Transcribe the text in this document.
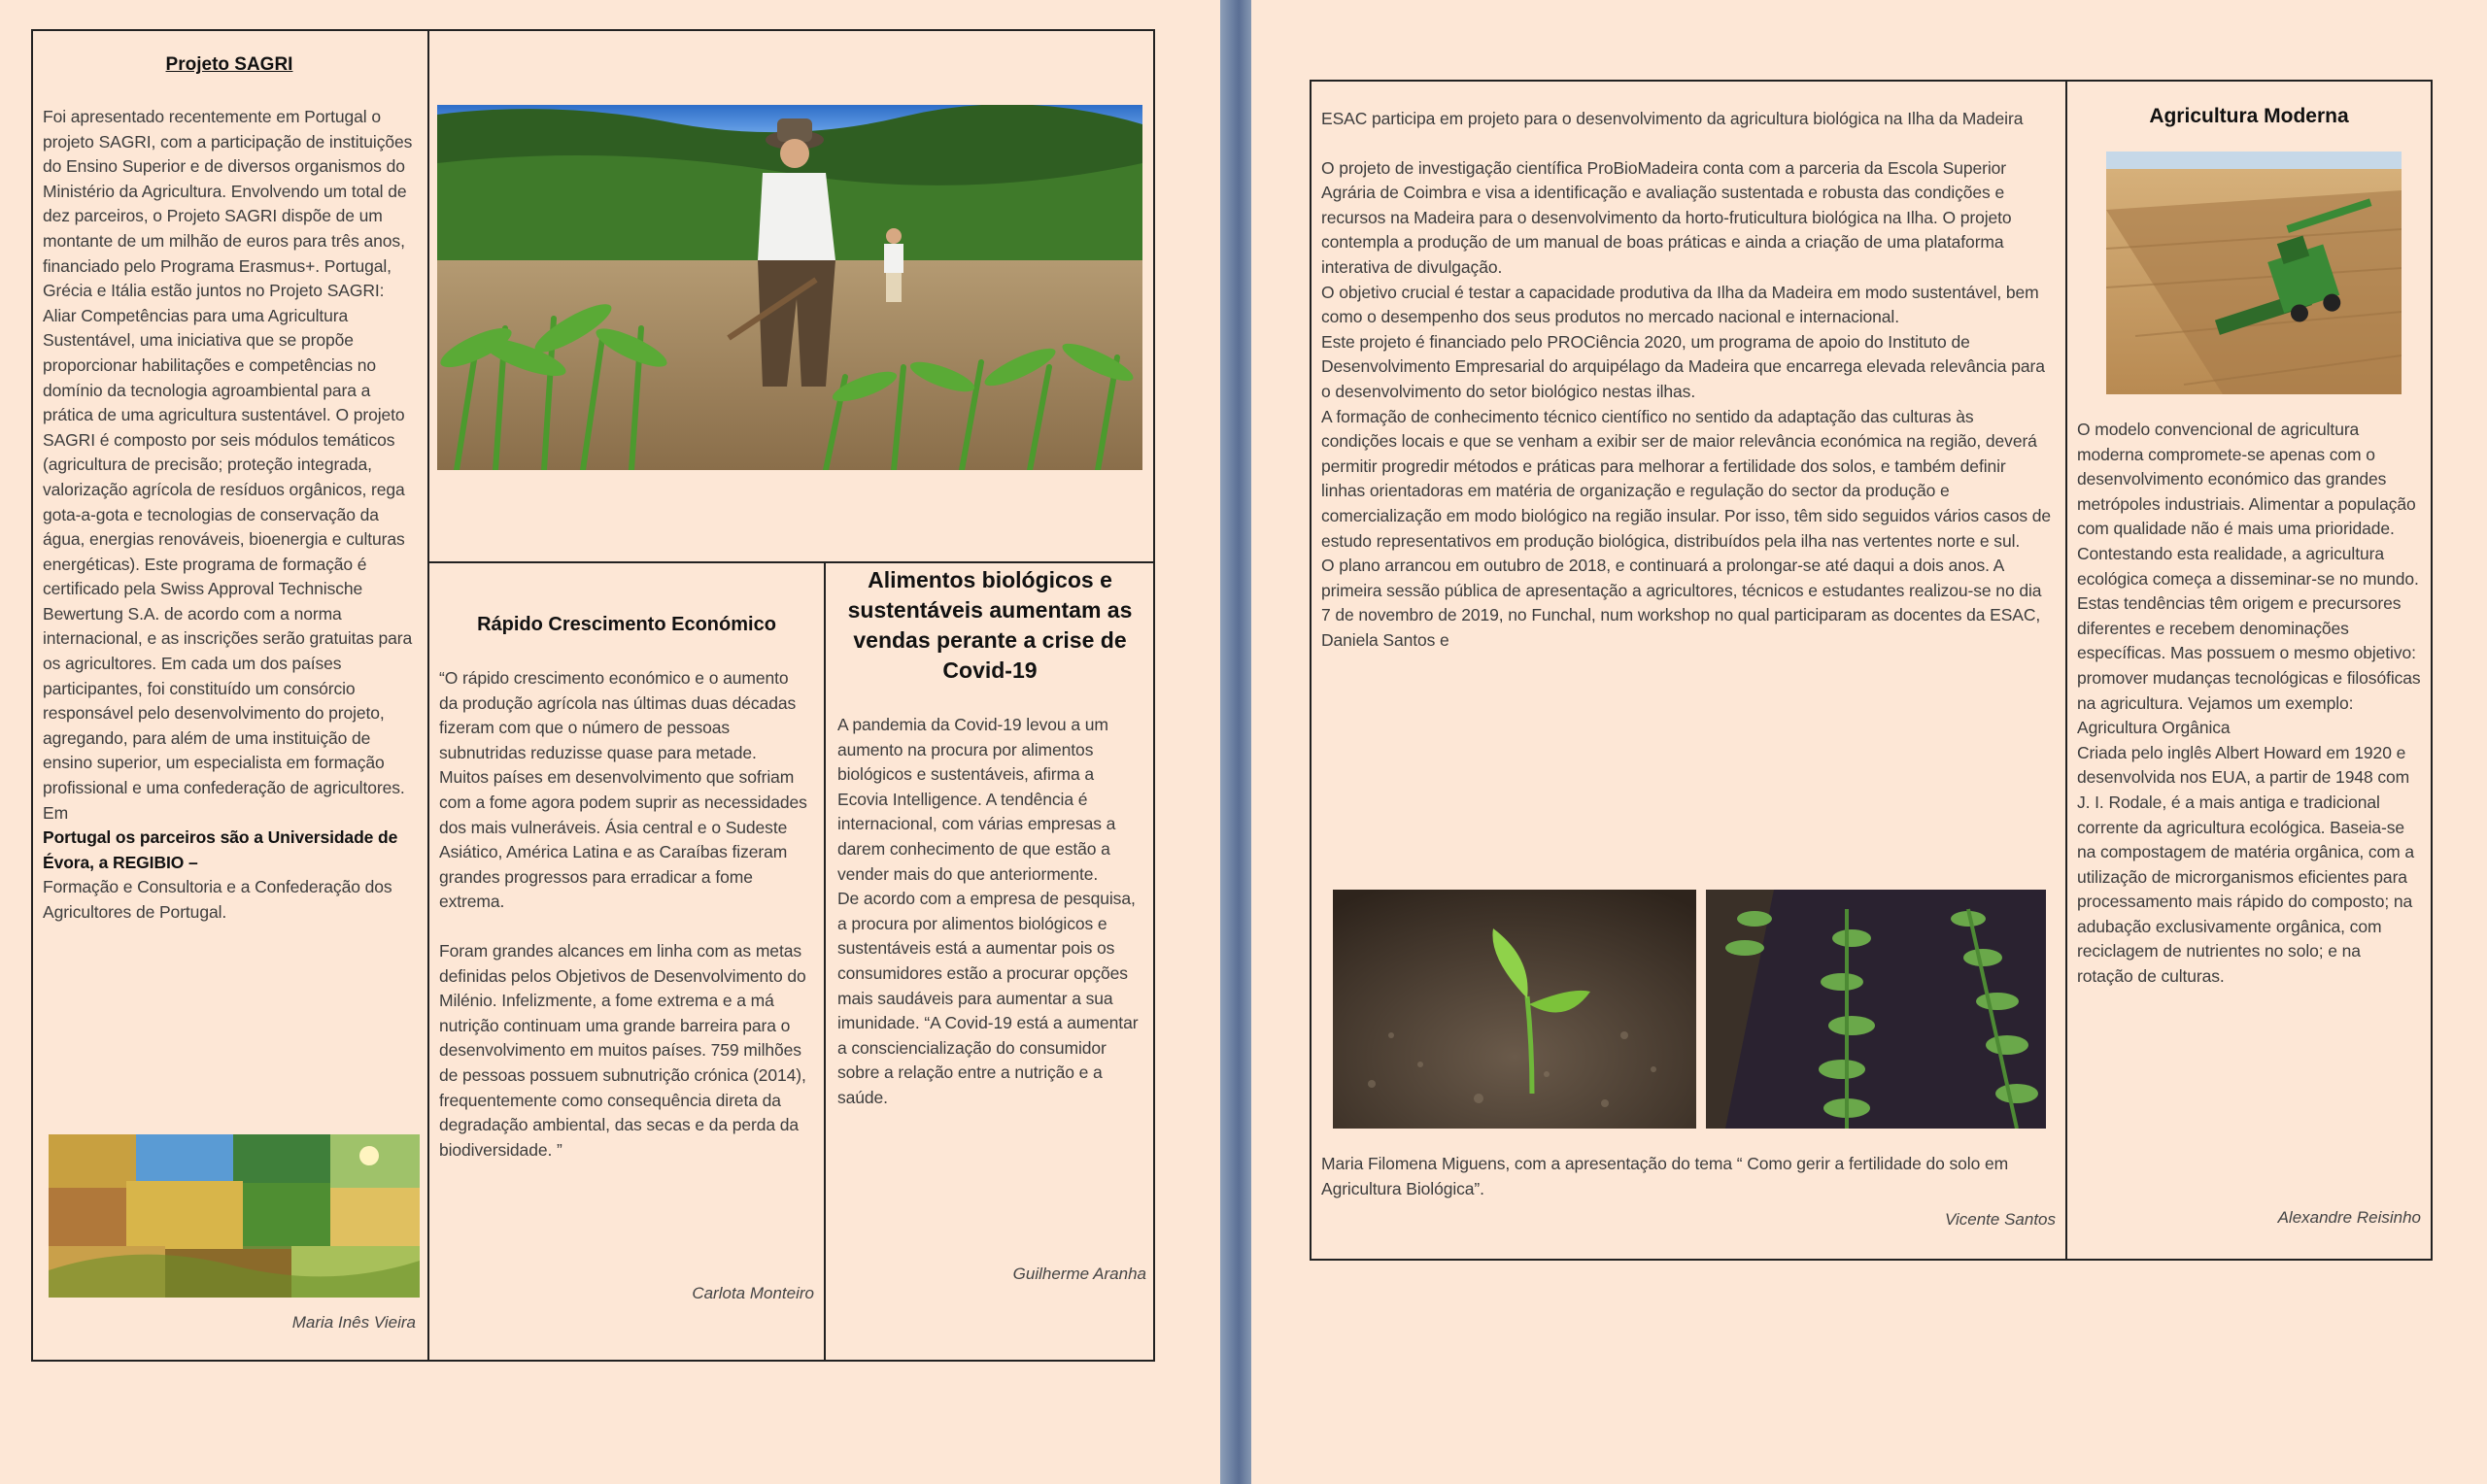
Projeto SAGRI

Foi apresentado recentemente em Portugal o projeto SAGRI, com a participação de instituições do Ensino Superior e de diversos organismos do Ministério da Agricultura. Envolvendo um total de dez parceiros, o Projeto SAGRI dispõe de um montante de um milhão de euros para três anos, financiado pelo Programa Erasmus+. Portugal, Grécia e Itália estão juntos no Projeto SAGRI: Aliar Competências para uma Agricultura Sustentável, uma iniciativa que se propõe proporcionar habilitações e competências no domínio da tecnologia agroambiental para a prática de uma agricultura sustentável. O projeto SAGRI é composto por seis módulos temáticos (agricultura de precisão; proteção integrada, valorização agrícola de resíduos orgânicos, rega gota-a-gota e tecnologias de conservação da água, energias renováveis, bioenergia e culturas energéticas). Este programa de formação é certificado pela Swiss Approval Technische Bewertung S.A. de acordo com a norma internacional, e as inscrições serão gratuitas para os agricultores. Em cada um dos países participantes, foi constituído um consórcio responsável pelo desenvolvimento do projeto, agregando, para além de uma instituição de ensino superior, um especialista em formação profissional e uma confederação de agricultores. Em

Portugal os parceiros são a Universidade de Évora, a REGIBIO –

Formação e Consultoria e a Confederação dos Agricultores de Portugal.

Maria Inês Vieira
Rápido Crescimento Económico

“O rápido crescimento económico e o aumento da produção agrícola nas últimas duas décadas fizeram com que o número de pessoas subnutridas reduzisse quase para metade. Muitos países em desenvolvimento que sofriam com a fome agora podem suprir as necessidades dos mais vulneráveis. Ásia central e o Sudeste Asiático, América Latina e as Caraíbas fizeram grandes progressos para erradicar a fome extrema.

Foram grandes alcances em linha com as metas definidas pelos Objetivos de Desenvolvimento do Milénio. Infelizmente, a fome extrema e a má nutrição continuam uma grande barreira para o desenvolvimento em muitos países. 759 milhões de pessoas possuem subnutrição crónica (2014), frequentemente como consequência direta da degradação ambiental, das secas e da perda da biodiversidade. ”

Carlota Monteiro
Alimentos biológicos e sustentáveis aumentam as vendas perante a crise de Covid-19

A pandemia da Covid-19 levou a um aumento na procura por alimentos biológicos e sustentáveis, afirma a Ecovia Intelligence. A tendência é internacional, com várias empresas a darem conhecimento de que estão a vender mais do que anteriormente.

De acordo com a empresa de pesquisa, a procura por alimentos biológicos e sustentáveis está a aumentar pois os consumidores estão a procurar opções mais saudáveis para aumentar a sua imunidade. “A Covid-19 está a aumentar a consciencialização do consumidor sobre a relação entre a nutrição e a saúde.

Guilherme Aranha

ESAC participa em projeto para o desenvolvimento da agricultura biológica na Ilha da Madeira

O projeto de investigação científica ProBioMadeira conta com a parceria da Escola Superior Agrária de Coimbra e visa a identificação e avaliação sustentada e robusta das condições e recursos na Madeira para o desenvolvimento da horto-fruticultura biológica na Ilha. O projeto contempla a produção de um manual de boas práticas e ainda a criação de uma plataforma interativa de divulgação.

O objetivo crucial é testar a capacidade produtiva da Ilha da Madeira em modo sustentável, bem como o desempenho dos seus produtos no mercado nacional e internacional.

Este projeto é financiado pelo PROCiência 2020, um programa de apoio do Instituto de Desenvolvimento Empresarial do arquipélago da Madeira que encarrega elevada relevância para o desenvolvimento do setor biológico nestas ilhas.

A formação de conhecimento técnico científico no sentido da adaptação das culturas às condições locais e que se venham a exibir ser de maior relevância económica na região, deverá permitir progredir métodos e práticas para melhorar a fertilidade dos solos, e também definir linhas orientadoras em matéria de organização e regulação do sector da produção e comercialização em modo biológico na região insular. Por isso, têm sido seguidos vários casos de estudo representativos em produção biológica, distribuídos pela ilha nas vertentes norte e sul.

O plano arrancou em outubro de 2018, e continuará a prolongar-se até daqui a dois anos. A primeira sessão pública de apresentação a agricultores, técnicos e estudantes realizou-se no dia 7 de novembro de 2019, no Funchal, num workshop no qual participaram as docentes da ESAC, Daniela Santos e

Maria Filomena Miguens, com a apresentação do tema “ Como gerir a fertilidade do solo em Agricultura Biológica”.

Vicente Santos
Agricultura Moderna

O modelo convencional de agricultura moderna compromete-se apenas com o desenvolvimento económico das grandes metrópoles industriais. Alimentar a população com qualidade não é mais uma prioridade.

Contestando esta realidade, a agricultura ecológica começa a disseminar-se no mundo. Estas tendências têm origem e precursores diferentes e recebem denominações específicas. Mas possuem o mesmo objetivo: promover mudanças tecnológicas e filosóficas na agricultura. Vejamos um exemplo:

Agricultura Orgânica

Criada pelo inglês Albert Howard em 1920 e desenvolvida nos EUA, a partir de 1948 com J. I. Rodale, é a mais antiga e tradicional corrente da agricultura ecológica. Baseia-se na compostagem de matéria orgânica, com a utilização de microrganismos eficientes para processamento mais rápido do composto; na adubação exclusivamente orgânica, com reciclagem de nutrientes no solo; e na rotação de culturas.

Alexandre Reisinho
